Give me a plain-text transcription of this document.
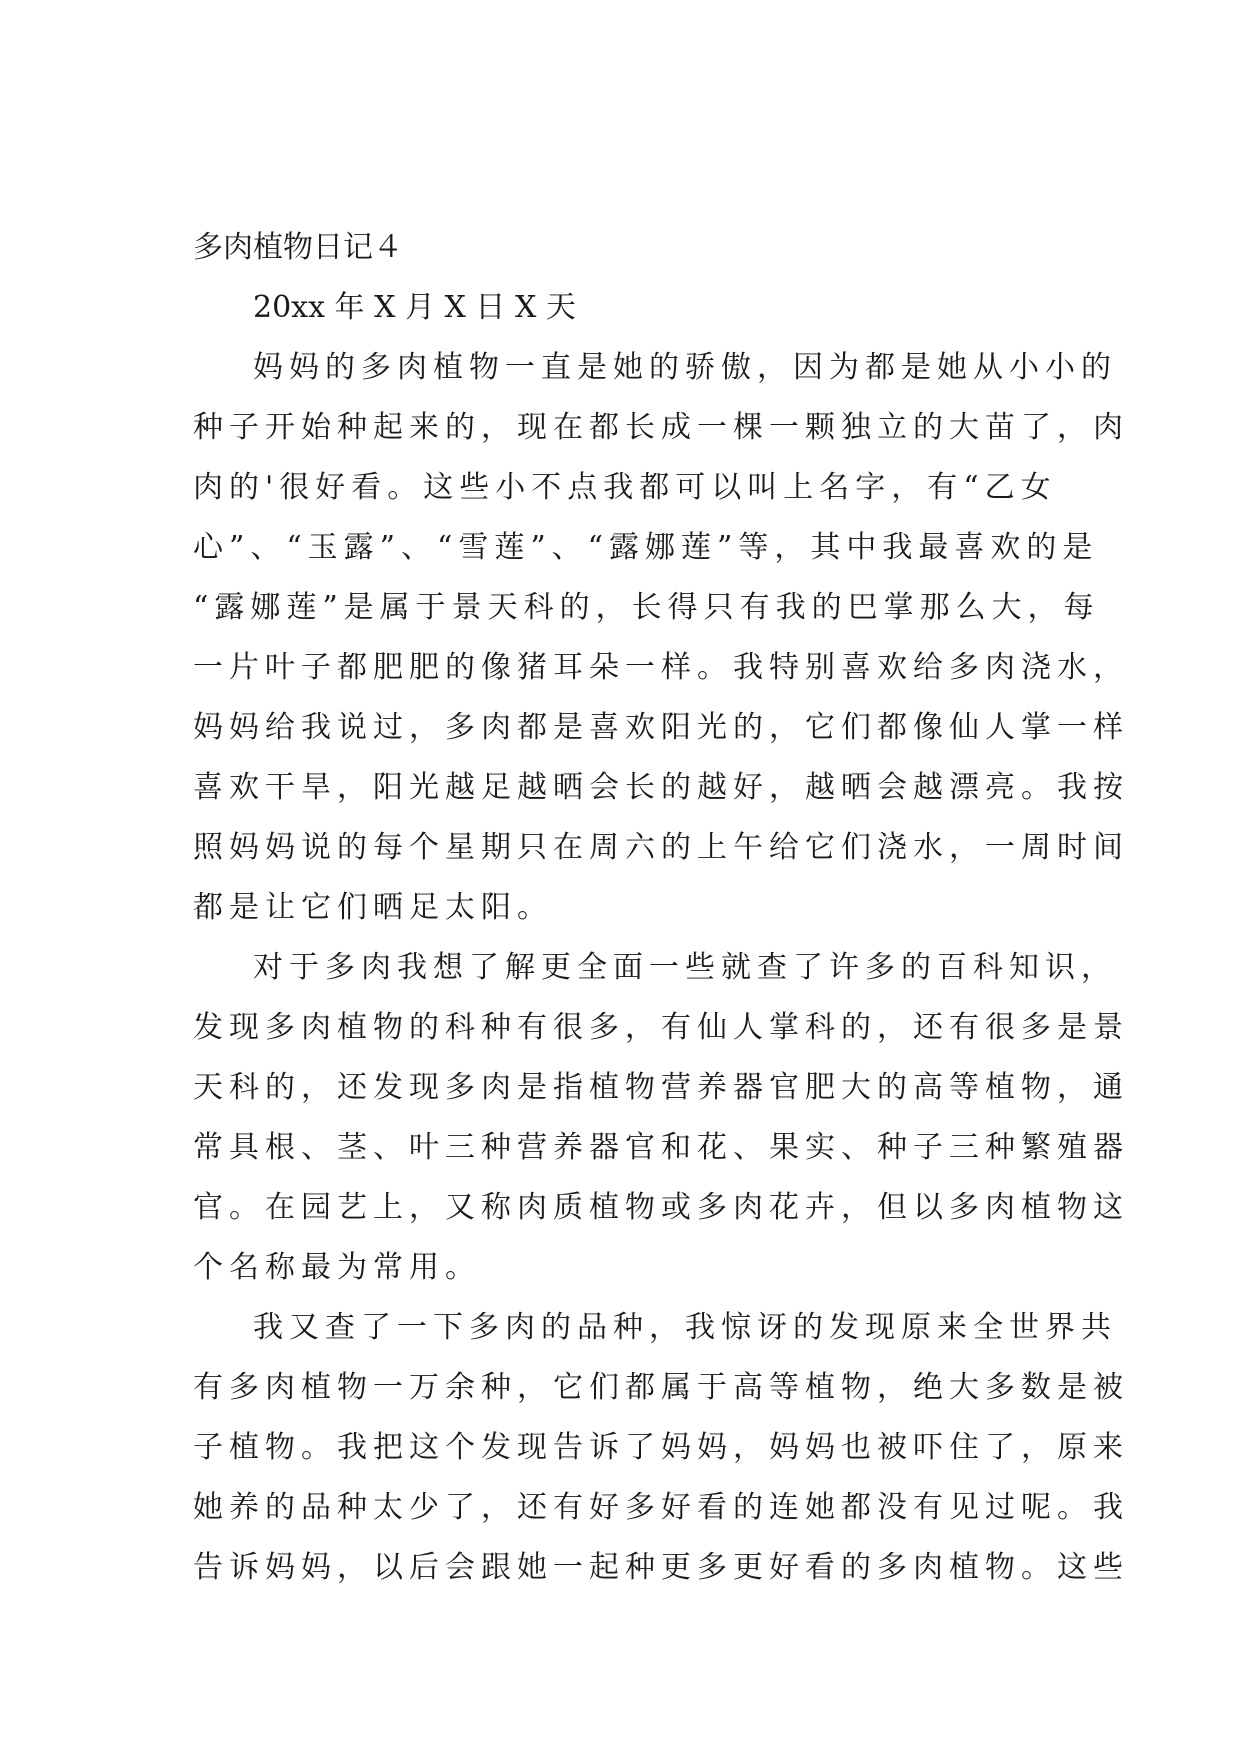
多肉植物日记４

20xx 年 X 月 X 日 X 天

妈妈的多肉植物一直是她的骄傲，因为都是她从小小的

种子开始种起来的，现在都长成一棵一颗独立的大苗了，肉

肉的'很好看。这些小不点我都可以叫上名字，有“乙女

心”、“玉露”、“雪莲”、“露娜莲”等，其中我最喜欢的是

“露娜莲”是属于景天科的，长得只有我的巴掌那么大，每

一片叶子都肥肥的像猪耳朵一样。我特别喜欢给多肉浇水，

妈妈给我说过，多肉都是喜欢阳光的，它们都像仙人掌一样

喜欢干旱，阳光越足越晒会长的越好，越晒会越漂亮。我按

照妈妈说的每个星期只在周六的上午给它们浇水，一周时间

都是让它们晒足太阳。

对于多肉我想了解更全面一些就查了许多的百科知识，

发现多肉植物的科种有很多，有仙人掌科的，还有很多是景

天科的，还发现多肉是指植物营养器官肥大的高等植物，通

常具根、茎、叶三种营养器官和花、果实、种子三种繁殖器

官。在园艺上，又称肉质植物或多肉花卉，但以多肉植物这

个名称最为常用。

我又查了一下多肉的品种，我惊讶的发现原来全世界共

有多肉植物一万余种，它们都属于高等植物，绝大多数是被

子植物。我把这个发现告诉了妈妈，妈妈也被吓住了，原来

她养的品种太少了，还有好多好看的连她都没有见过呢。我

告诉妈妈，以后会跟她一起种更多更好看的多肉植物。这些
